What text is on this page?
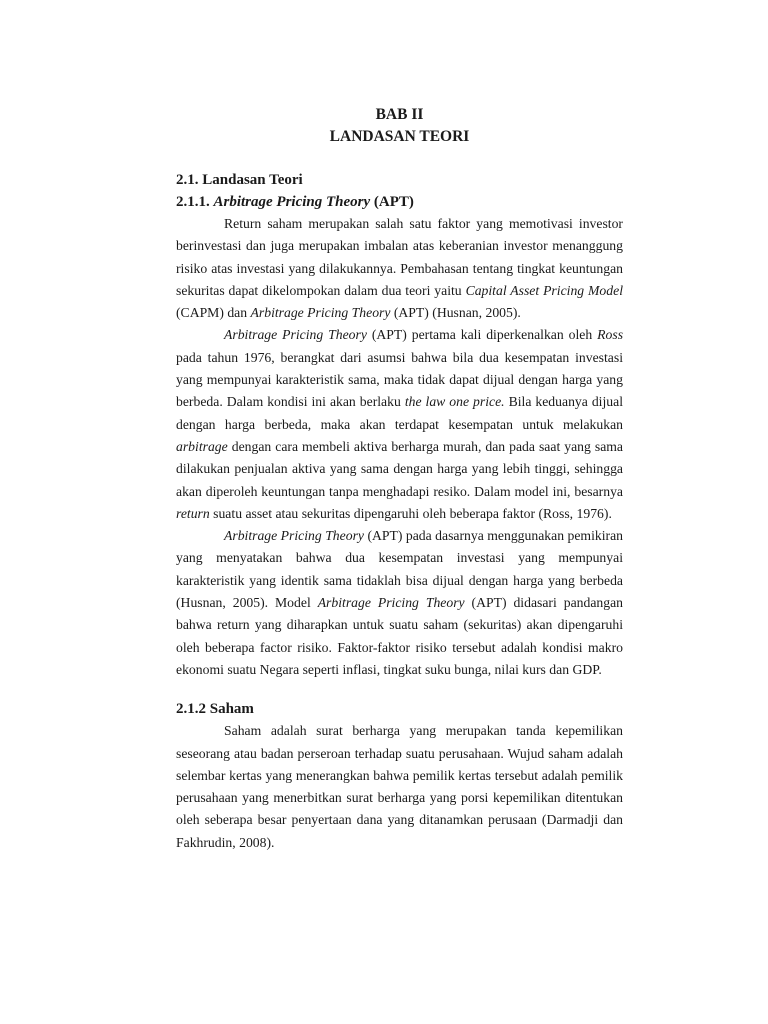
BAB II
LANDASAN TEORI
2.1. Landasan Teori
2.1.1. Arbitrage Pricing Theory (APT)

Return saham merupakan salah satu faktor yang memotivasi investor berinvestasi dan juga merupakan imbalan atas keberanian investor menanggung risiko atas investasi yang dilakukannya. Pembahasan tentang tingkat keuntungan sekuritas dapat dikelompokan dalam dua teori yaitu Capital Asset Pricing Model (CAPM) dan Arbitrage Pricing Theory (APT) (Husnan, 2005).

Arbitrage Pricing Theory (APT) pertama kali diperkenalkan oleh Ross pada tahun 1976, berangkat dari asumsi bahwa bila dua kesempatan investasi yang mempunyai karakteristik sama, maka tidak dapat dijual dengan harga yang berbeda. Dalam kondisi ini akan berlaku the law one price. Bila keduanya dijual dengan harga berbeda, maka akan terdapat kesempatan untuk melakukan arbitrage dengan cara membeli aktiva berharga murah, dan pada saat yang sama dilakukan penjualan aktiva yang sama dengan harga yang lebih tinggi, sehingga akan diperoleh keuntungan tanpa menghadapi resiko. Dalam model ini, besarnya return suatu asset atau sekuritas dipengaruhi oleh beberapa faktor (Ross, 1976).

Arbitrage Pricing Theory (APT) pada dasarnya menggunakan pemikiran yang menyatakan bahwa dua kesempatan investasi yang mempunyai karakteristik yang identik sama tidaklah bisa dijual dengan harga yang berbeda (Husnan, 2005). Model Arbitrage Pricing Theory (APT) didasari pandangan bahwa return yang diharapkan untuk suatu saham (sekuritas) akan dipengaruhi oleh beberapa factor risiko. Faktor-faktor risiko tersebut adalah kondisi makro ekonomi suatu Negara seperti inflasi, tingkat suku bunga, nilai kurs dan GDP.

2.1.2 Saham

Saham adalah surat berharga yang merupakan tanda kepemilikan seseorang atau badan perseroan terhadap suatu perusahaan. Wujud saham adalah selembar kertas yang menerangkan bahwa pemilik kertas tersebut adalah pemilik perusahaan yang menerbitkan surat berharga yang porsi kepemilikan ditentukan oleh seberapa besar penyertaan dana yang ditanamkan perusaan (Darmadji dan Fakhrudin, 2008).
